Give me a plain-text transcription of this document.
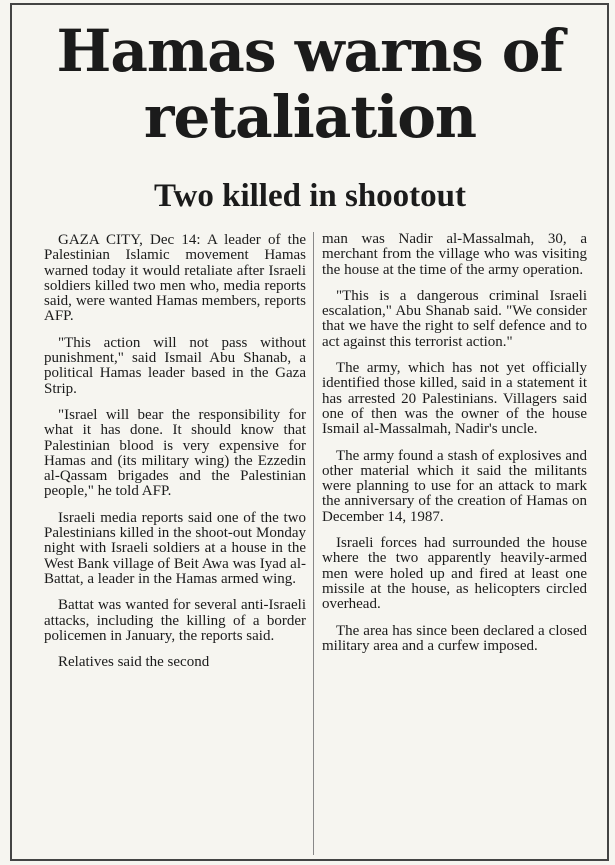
Hamas warns of retaliation
Two killed in shootout

GAZA CITY, Dec 14: A leader of the Palestinian Islamic movement Hamas warned today it would retaliate after Israeli soldiers killed two men who, media reports said, were wanted Hamas members, reports AFP.

"This action will not pass without punishment," said Ismail Abu Shanab, a political Hamas leader based in the Gaza Strip.

"Israel will bear the responsibility for what it has done. It should know that Palestinian blood is very expensive for Hamas and (its military wing) the Ezzedin al-Qassam brigades and the Palestinian people," he told AFP.

Israeli media reports said one of the two Palestinians killed in the shoot-out Monday night with Israeli soldiers at a house in the West Bank village of Beit Awa was Iyad al-Battat, a leader in the Hamas armed wing.

Battat was wanted for several anti-Israeli attacks, including the killing of a border policemen in January, the reports said.

Relatives said the second

man was Nadir al-Massalmah, 30, a merchant from the village who was visiting the house at the time of the army operation.

"This is a dangerous criminal Israeli escalation," Abu Shanab said. "We consider that we have the right to self defence and to act against this terrorist action."

The army, which has not yet officially identified those killed, said in a statement it has arrested 20 Palestinians. Villagers said one of then was the owner of the house Ismail al-Massalmah, Nadir's uncle.

The army found a stash of explosives and other material which it said the militants were planning to use for an attack to mark the anniversary of the creation of Hamas on December 14, 1987.

Israeli forces had surrounded the house where the two apparently heavily-armed men were holed up and fired at least one missile at the house, as helicopters circled overhead.

The area has since been declared a closed military area and a curfew imposed.
